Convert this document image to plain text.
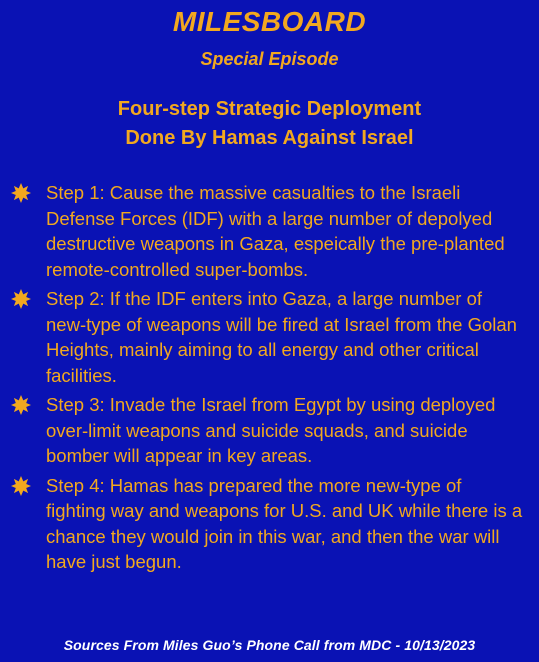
MILESBOARD
Special Episode
Four-step Strategic Deployment
Done By Hamas Against Israel
Step 1: Cause the massive casualties to the Israeli Defense Forces (IDF) with a large number of depolyed destructive weapons in Gaza, espeically the pre-planted remote-controlled super-bombs.
Step 2: If the IDF enters into Gaza, a large number of new-type of weapons will be fired at Israel from the Golan Heights, mainly aiming to all energy and other critical facilities.
Step 3: Invade the Israel from Egypt by using deployed over-limit weapons and suicide squads, and suicide bomber will appear in key areas.
Step 4: Hamas has prepared the more new-type of fighting way and weapons for U.S. and UK while there is a chance they would join in this war, and then the war will have just begun.
Sources From Miles Guo’s Phone Call from MDC - 10/13/2023
